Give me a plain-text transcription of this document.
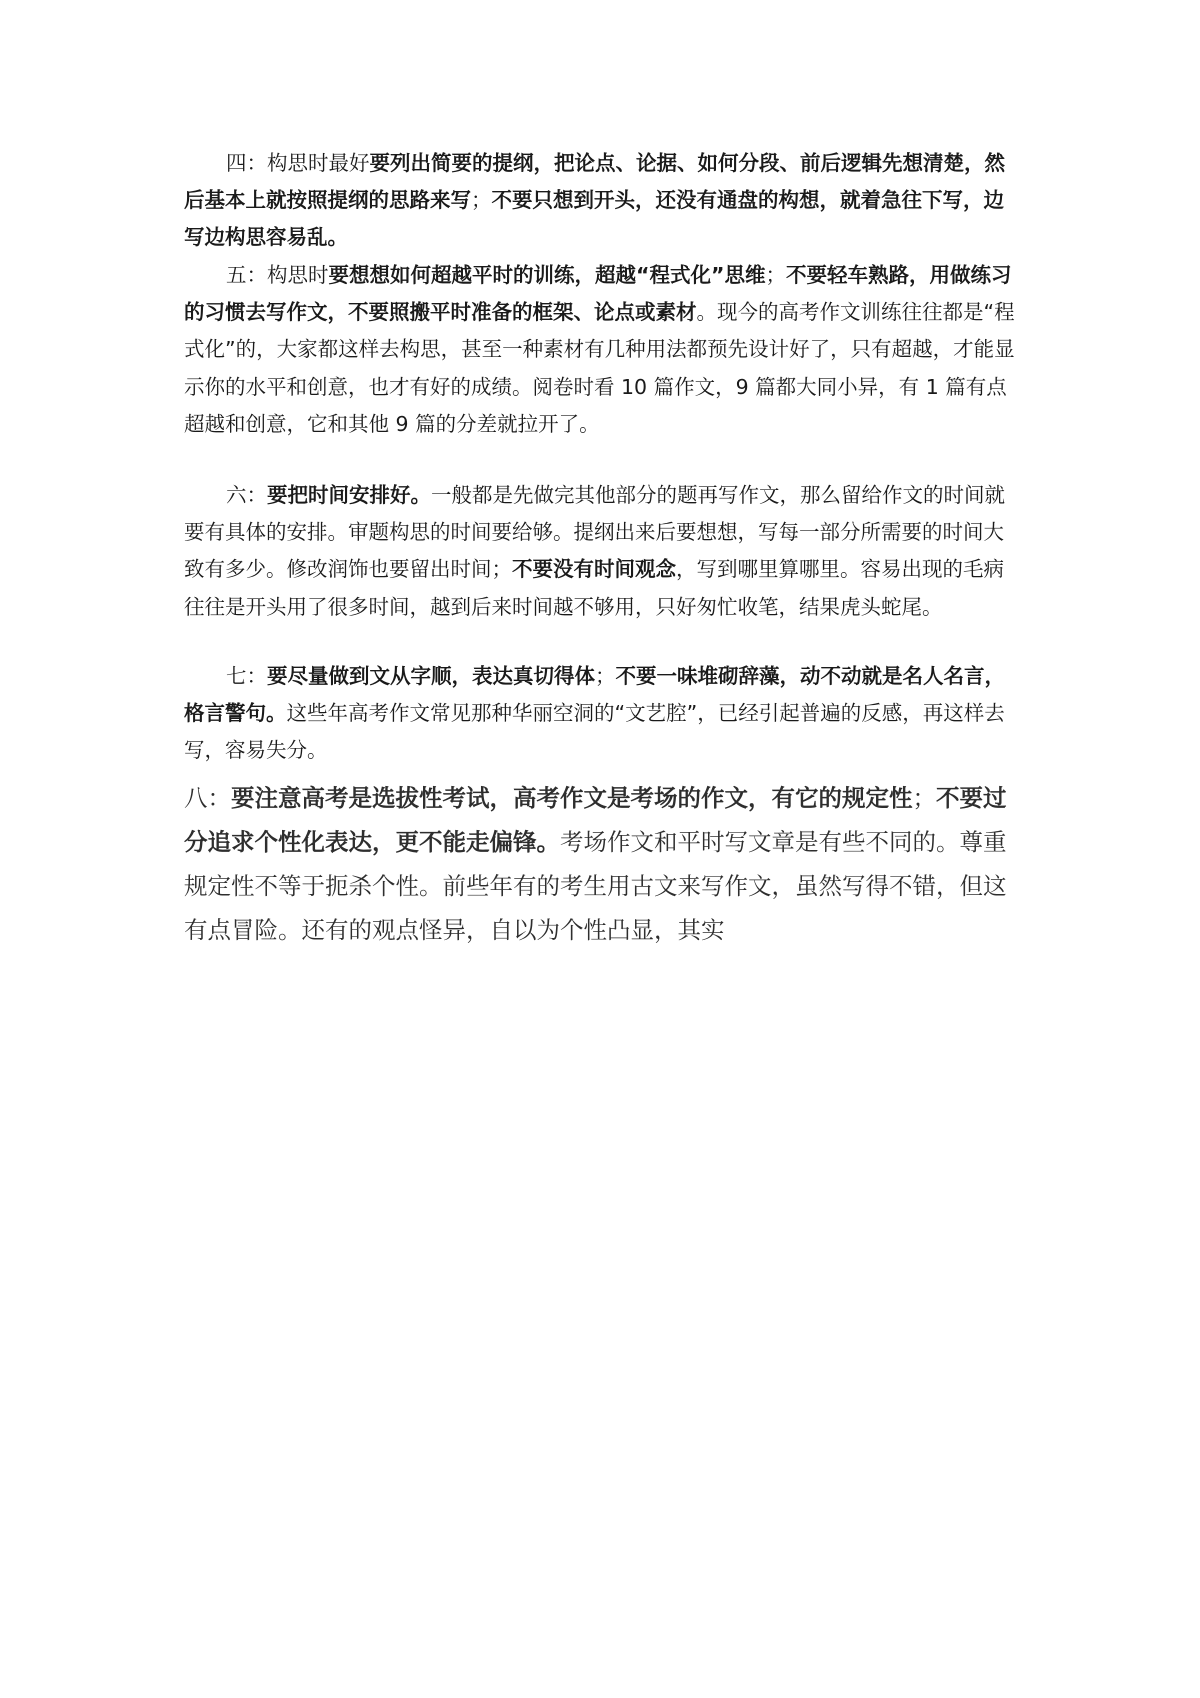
四：构思时最好要列出简要的提纲，把论点、论据、如何分段、前后逻辑先想清楚，然后基本上就按照提纲的思路来写；不要只想到开头，还没有通盘的构想，就着急往下写，边写边构思容易乱。

五：构思时要想想如何超越平时的训练，超越“程式化”思维；不要轻车熟路，用做练习的习惯去写作文，不要照搬平时准备的框架、论点或素材。现今的高考作文训练往往都是“程式化”的，大家都这样去构思，甚至一种素材有几种用法都预先设计好了，只有超越，才能显示你的水平和创意，也才有好的成绩。阅卷时看 10 篇作文，9 篇都大同小异，有 1 篇有点超越和创意，它和其他 9 篇的分差就拉开了。

六：要把时间安排好。一般都是先做完其他部分的题再写作文，那么留给作文的时间就要有具体的安排。审题构思的时间要给够。提纲出来后要想想，写每一部分所需要的时间大致有多少。修改润饰也要留出时间；不要没有时间观念，写到哪里算哪里。容易出现的毛病往往是开头用了很多时间，越到后来时间越不够用，只好匆忙收笔，结果虎头蛇尾。

七：要尽量做到文从字顺，表达真切得体；不要一味堆砌辞藻，动不动就是名人名言，格言警句。这些年高考作文常见那种华丽空洞的“文艺腔”，已经引起普遍的反感，再这样去写，容易失分。

八：要注意高考是选拔性考试，高考作文是考场的作文，有它的规定性；不要过分追求个性化表达，更不能走偏锋。考场作文和平时写文章是有些不同的。尊重规定性不等于扼杀个性。前些年有的考生用古文来写作文，虽然写得不错，但这有点冒险。还有的观点怪异，自以为个性凸显，其实
